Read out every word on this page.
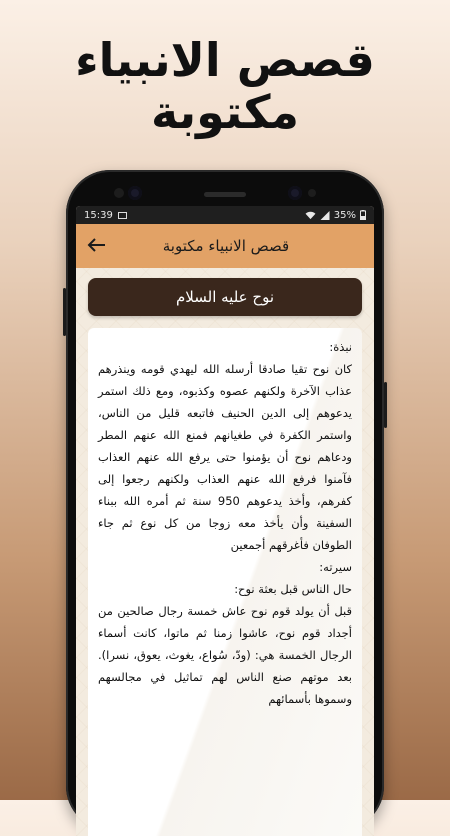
قصص الانبياء
مكتوبة
15:39	35%
قصص الانبياء مكتوبة
نوح عليه السلام

نبذة:

كان نوح تقيا صادقا أرسله الله ليهدي قومه وينذرهم عذاب الآخرة ولكنهم عصوه وكذبوه، ومع ذلك استمر يدعوهم إلى الدين الحنيف فاتبعه قليل من الناس، واستمر الكفرة في طغيانهم فمنع الله عنهم المطر ودعاهم نوح أن يؤمنوا حتى يرفع الله عنهم العذاب فآمنوا فرفع الله عنهم العذاب ولكنهم رجعوا إلى كفرهم، وأخذ يدعوهم 950 سنة ثم أمره الله ببناء السفينة وأن يأخذ معه زوجا من كل نوع ثم جاء الطوفان فأغرقهم أجمعين

سيرته:

حال الناس قبل بعثة نوح:

قبل أن يولد قوم نوح عاش خمسة رجال صالحين من أجداد قوم نوح، عاشوا زمنا ثم ماتوا، كانت أسماء الرجال الخمسة هي: (ودّ، سُواع، يغوث، يعوق، نسرا). بعد موتهم صنع الناس لهم تماثيل في مجالسهم وسموها بأسمائهم
